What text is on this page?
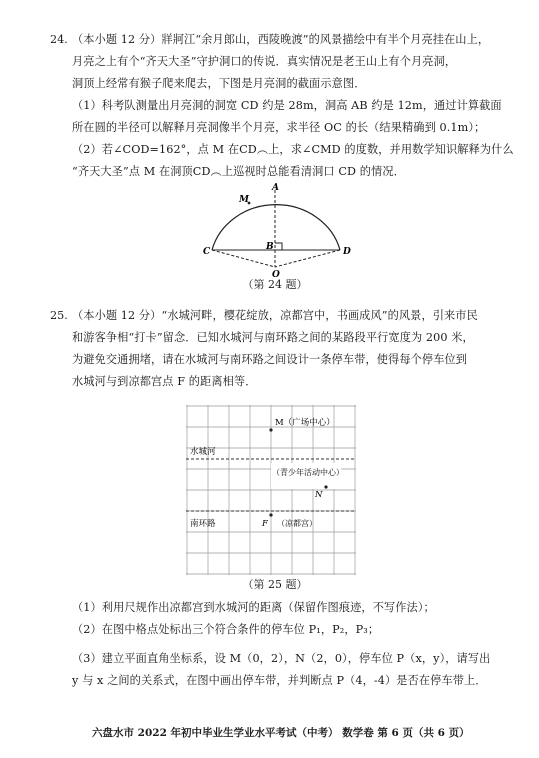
24. （本小题 12 分）牂牁江“余月郎山，西陵晚渡”的风景描绘中有半个月亮挂在山上，
月亮之上有个“齐天大圣”守护洞口的传说．真实情况是老王山上有个月亮洞，
洞顶上经常有猴子爬来爬去，下图是月亮洞的截面示意图．
（1）科考队测量出月亮洞的洞宽 CD 约是 28m，洞高 AB 约是 12m，通过计算截面
所在圆的半径可以解释月亮洞像半个月亮，求半径 OC 的长（结果精确到 0.1m）；
（2）若∠COD=162°，点 M 在CD︵上，求∠CMD 的度数，并用数学知识解释为什么
“齐天大圣”点 M 在洞顶CD︵上巡视时总能看清洞口 CD 的情况．
A
M
B
C	D
O
（第 24 题）
25. （本小题 12 分）“水城河畔，樱花绽放，凉都宫中，书画成风”的风景，引来市民
和游客争相“打卡”留念．已知水城河与南环路之间的某路段平行宽度为 200 米，
为避免交通拥堵，请在水城河与南环路之间设计一条停车带，使得每个停车位到
水城河与到凉都宫点 F 的距离相等．
M（广场中心）
水城河
（青少年活动中心）
N
南环路	F （凉都宫）
（第 25 题）
（1）利用尺规作出凉都宫到水城河的距离（保留作图痕迹，不写作法）；
（2）在图中格点处标出三个符合条件的停车位 P₁，P₂，P₃；
（3）建立平面直角坐标系，设 M（0，2），N（2，0），停车位 P（x，y），请写出
y 与 x 之间的关系式，在图中画出停车带，并判断点 P（4，-4）是否在停车带上．
六盘水市 2022 年初中毕业生学业水平考试（中考） 数学卷 第 6 页（共 6 页）
